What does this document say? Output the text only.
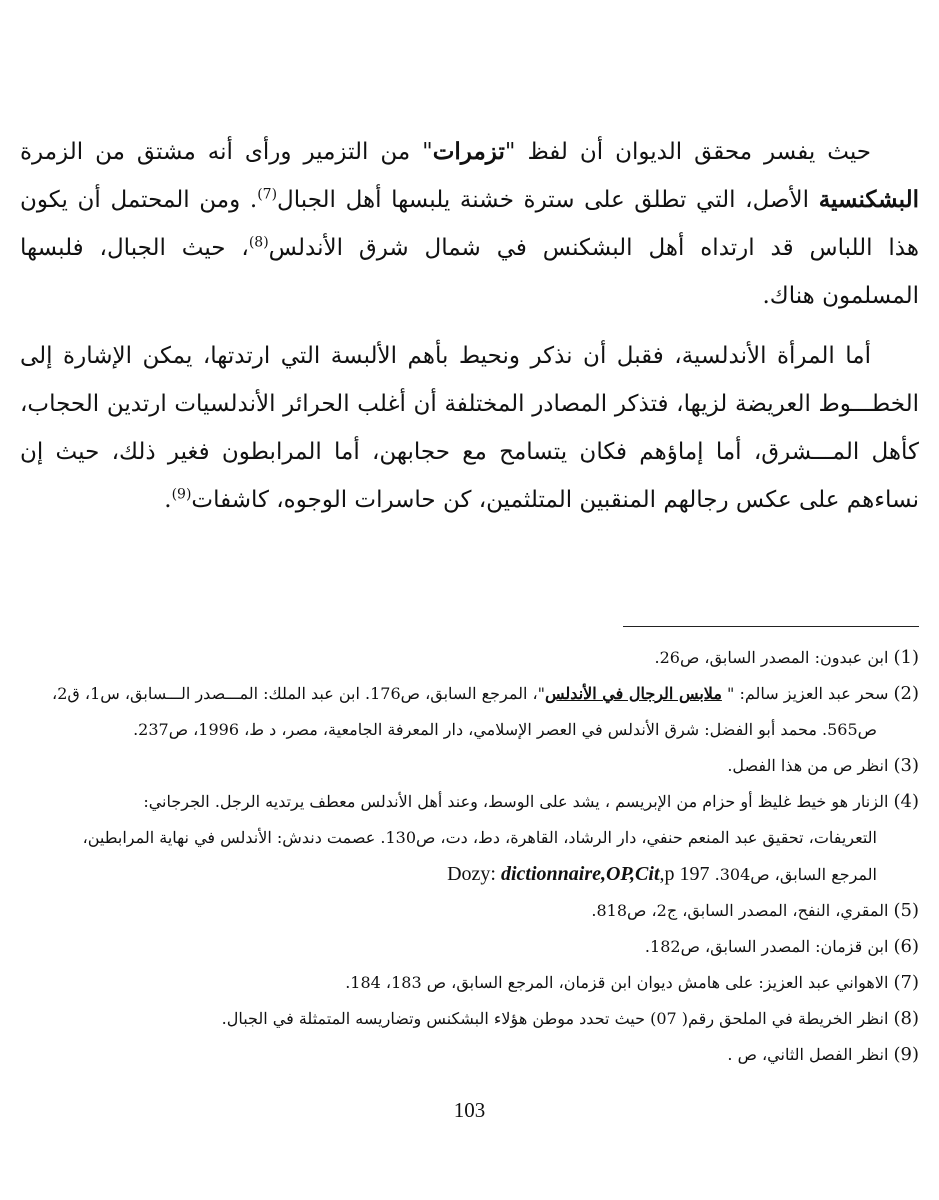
حيث يفسر محقق الديوان أن لفظ "تزمرات" من التزمير ورأى أنه مشتق من الزمرة البشكنسية الأصل، التي تطلق على سترة خشنة يلبسها أهل الجبال$^{(7)}$. ومن المحتمل أن يكون هذا اللباس قد ارتداه أهل البشكنس في شمال شرق الأندلس$^{(8)}$، حيث الجبال، فلبسها المسلمون هناك.

أما المرأة الأندلسية، فقبل أن نذكر ونحيط بأهم الألبسة التي ارتدتها، يمكن الإشارة إلى الخطـــوط العريضة لزيها، فتذكر المصادر المختلفة أن أغلب الحرائر الأندلسيات ارتدين الحجاب، كأهل المـــشرق، أما إماؤهم فكان يتسامح مع حجابهن، أما المرابطون فغير ذلك، حيث إن نساءهم على عكس رجالهم المنقبين المتلثمين، كن حاسرات الوجوه، كاشفات$^{(9)}$.

(1) ابن عبدون: المصدر السابق، ص26.

(2) سحر عبد العزيز سالم: " ملابس الرجال في الأندلس"، المرجع السابق، ص176. ابن عبد الملك: المـــصدر الـــسابق، س1، ق2،

ص565. محمد أبو الفضل: شرق الأندلس في العصر الإسلامي، دار المعرفة الجامعية، مصر، د ط، 1996، ص237.

(3) انظر ص من هذا الفصل.

(4) الزنار هو خيط غليظ أو حزام من الإبريسم ، يشد على الوسط، وعند أهل الأندلس معطف يرتديه الرجل. الجرجاني:

التعريفات، تحقيق عبد المنعم حنفي، دار الرشاد، القاهرة، دط، دت، ص130. عصمت دندش: الأندلس في نهاية المرابطين،

المرجع السابق، ص304. Dozy: dictionnaire,OP,Cit,p 197

(5) المقري، النفح، المصدر السابق، ج2، ص818.

(6) ابن قزمان: المصدر السابق، ص182.

(7) الاهواني عبد العزيز: على هامش ديوان ابن قزمان، المرجع السابق، ص 183، 184.

(8) انظر الخريطة في الملحق رقم( 07) حيث تحدد موطن هؤلاء البشكنس وتضاريسه المتمثلة في الجبال.

(9) انظر الفصل الثاني، ص .

103
